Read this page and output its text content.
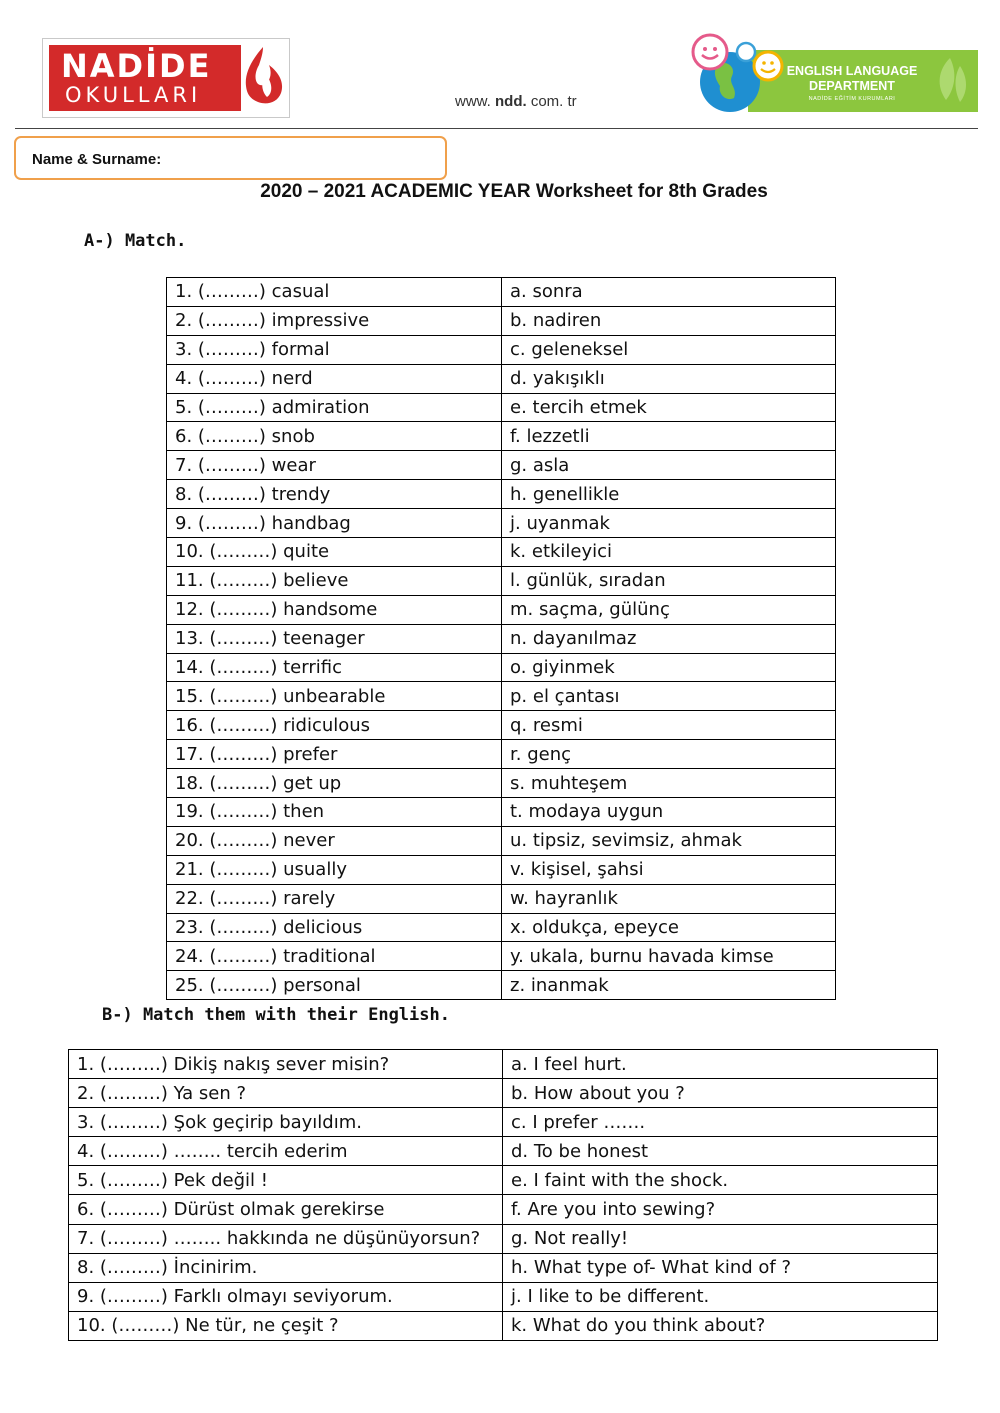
NADİDE
OKULLARI	www. ndd. com. tr
ENGLISH LANGUAGE
DEPARTMENT
NADİDE EĞİTİM KURUMLARI
Name & Surname:
2020 – 2021 ACADEMIC YEAR Worksheet for 8th Grades
A-) Match.
1. (………) casual	a. sonra
2. (………) impressive	b. nadiren
3. (………) formal	c. geleneksel
4. (………) nerd	d. yakışıklı
5. (………) admiration	e. tercih etmek
6. (………) snob	f. lezzetli
7. (………) wear	g. asla
8. (………) trendy	h. genellikle
9. (………) handbag	j. uyanmak
10. (………) quite	k. etkileyici
11. (………) believe	l. günlük, sıradan
12. (………) handsome	m. saçma, gülünç
13. (………) teenager	n. dayanılmaz
14. (………) terrific	o. giyinmek
15. (………) unbearable	p. el çantası
16. (………) ridiculous	q. resmi
17. (………) prefer	r. genç
18. (………) get up	s. muhteşem
19. (………) then	t. modaya uygun
20. (………) never	u. tipsiz, sevimsiz, ahmak
21. (………) usually	v. kişisel, şahsi
22. (………) rarely	w. hayranlık
23. (………) delicious	x. oldukça, epeyce
24. (………) traditional	y. ukala, burnu havada kimse
25. (………) personal	z. inanmak
B-) Match them with their English.
1. (………) Dikiş nakış sever misin?	a. I feel hurt.
2. (………) Ya sen ?	b. How about you ?
3. (………) Şok geçirip bayıldım.	c. I prefer …….
4. (………) …….. tercih ederim	d. To be honest
5. (………) Pek değil !	e. I faint with the shock.
6. (………) Dürüst olmak gerekirse	f. Are you into sewing?
7. (………) …….. hakkında ne düşünüyorsun?	g. Not really!
8. (………) İncinirim.	h. What type of- What kind of ?
9. (………) Farklı olmayı seviyorum.	j. I like to be different.
10. (………) Ne tür, ne çeşit ?	k. What do you think about?
